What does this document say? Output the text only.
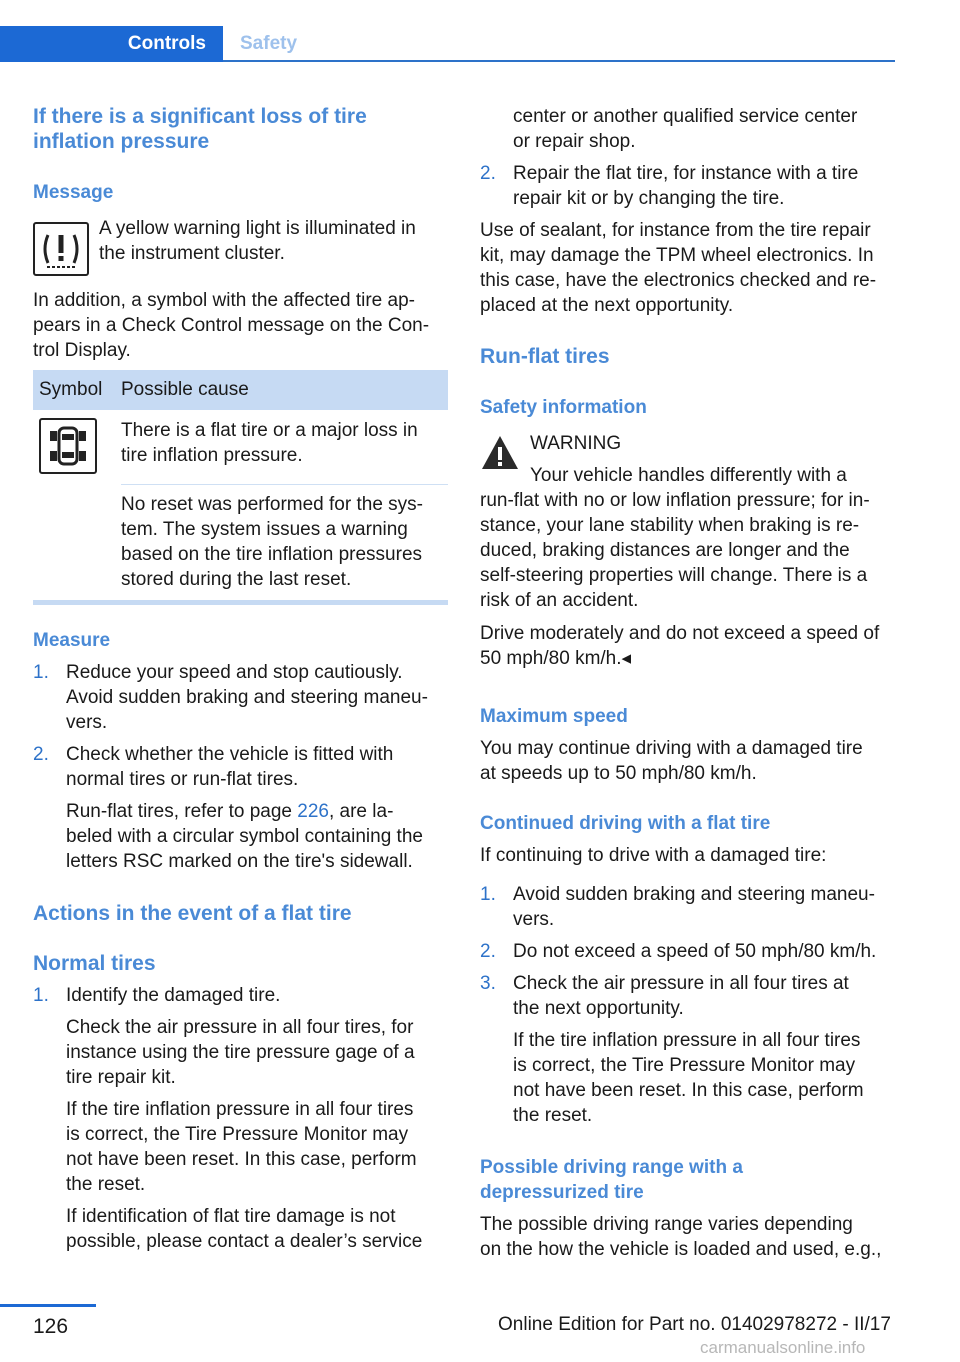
Controls	Safety
If there is a significant loss of tire
inflation pressure
Message
A yellow warning light is illuminated in
the instrument cluster.
In addition, a symbol with the affected tire ap‐
pears in a Check Control message on the Con‐
trol Display.
Symbol Possible cause
There is a flat tire or a major loss in
tire inflation pressure.
No reset was performed for the sys‐
tem. The system issues a warning
based on the tire inflation pressures
stored during the last reset.
Measure
1. Reduce your speed and stop cautiously.
Avoid sudden braking and steering maneu‐
vers.
2. Check whether the vehicle is fitted with
normal tires or run-flat tires.
Run-flat tires, refer to page 226, are la‐
beled with a circular symbol containing the
letters RSC marked on the tire's sidewall.
Actions in the event of a flat tire
Normal tires
1. Identify the damaged tire.
Check the air pressure in all four tires, for
instance using the tire pressure gage of a
tire repair kit.
If the tire inflation pressure in all four tires
is correct, the Tire Pressure Monitor may
not have been reset. In this case, perform
the reset.
If identification of flat tire damage is not
possible, please contact a dealer’s service
center or another qualified service center
or repair shop.
2. Repair the flat tire, for instance with a tire
repair kit or by changing the tire.
Use of sealant, for instance from the tire repair
kit, may damage the TPM wheel electronics. In
this case, have the electronics checked and re‐
placed at the next opportunity.
Run-flat tires
Safety information
WARNING
Your vehicle handles differently with a
run-flat with no or low inflation pressure; for in‐
stance, your lane stability when braking is re‐
duced, braking distances are longer and the
self-steering properties will change. There is a
risk of an accident.
Drive moderately and do not exceed a speed of
50 mph/80 km/h.◂
Maximum speed
You may continue driving with a damaged tire
at speeds up to 50 mph/80 km/h.
Continued driving with a flat tire
If continuing to drive with a damaged tire:
1. Avoid sudden braking and steering maneu‐
vers.
2. Do not exceed a speed of 50 mph/80 km/h.
3. Check the air pressure in all four tires at
the next opportunity.
If the tire inflation pressure in all four tires
is correct, the Tire Pressure Monitor may
not have been reset. In this case, perform
the reset.
Possible driving range with a
depressurized tire
The possible driving range varies depending
on the how the vehicle is loaded and used, e.g.,
126	Online Edition for Part no. 01402978272 - II/17
carmanualsonline.info
